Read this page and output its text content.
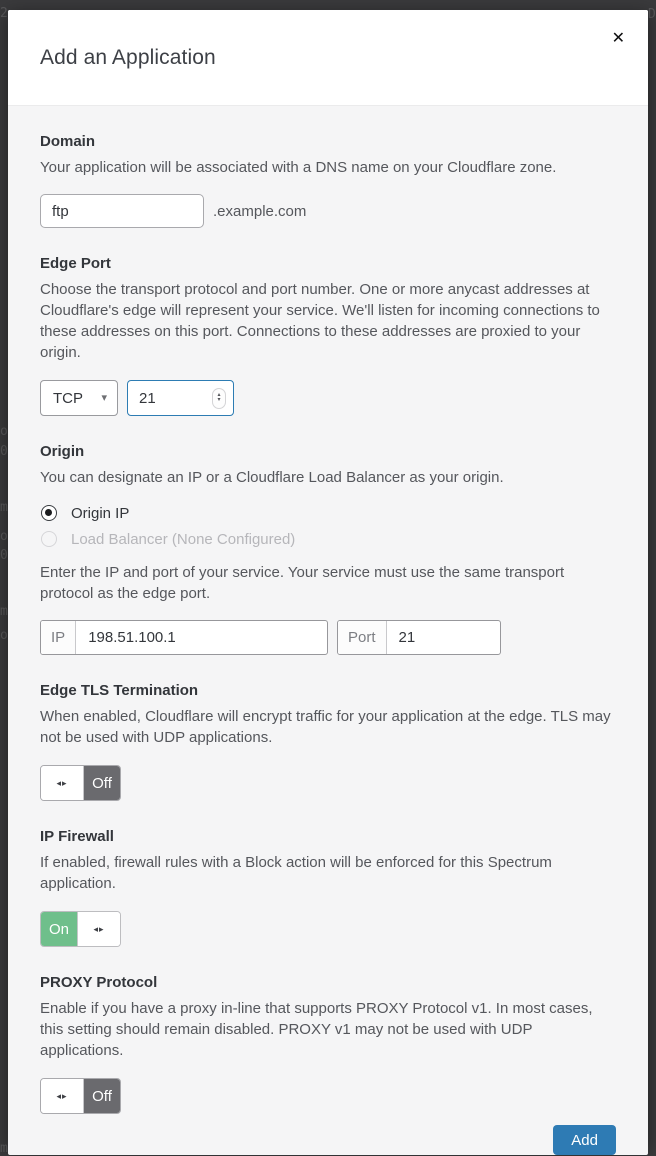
2	D
o
0
m
o
0
m
o
m
Add an Application
✕
Domain
Your application will be associated with a DNS name on your Cloudflare zone.
ftp
.example.com
Edge Port
Choose the transport protocol and port number. One or more anycast addresses at Cloudflare's edge will represent your service. We'll listen for incoming connections to these addresses on this port. Connections to these addresses are proxied to your origin.
TCP	▾	21	▴
▾
Origin
You can designate an IP or a Cloudflare Load Balancer as your origin.
Origin IP
Load Balancer (None Configured)
Enter the IP and port of your service. Your service must use the same transport protocol as the edge port.
IP	198.51.100.1	Port	21
Edge TLS Termination
When enabled, Cloudflare will encrypt traffic for your application at the edge. TLS may not be used with UDP applications.
◂▸	Off
IP Firewall
If enabled, firewall rules with a Block action will be enforced for this Spectrum application.
On	◂▸
PROXY Protocol
Enable if you have a proxy in-line that supports PROXY Protocol v1. In most cases, this setting should remain disabled. PROXY v1 may not be used with UDP applications.
◂▸	Off
Add
